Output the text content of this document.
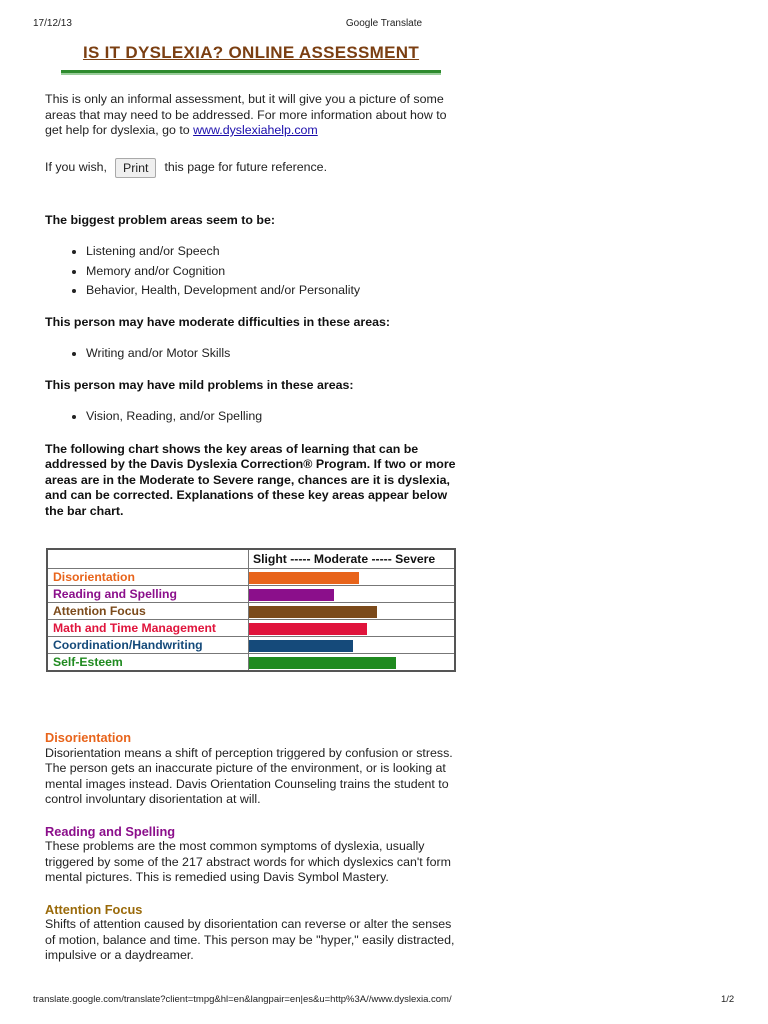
17/12/13	Google Translate
IS IT DYSLEXIA? ONLINE ASSESSMENT

This is only an informal assessment, but it will give you a picture of some areas that may need to be addressed. For more information about how to get help for dyslexia, go to www.dyslexiahelp.com

If you wish,	Print	this page for future reference.
The biggest problem areas seem to be:
• Listening and/or Speech
• Memory and/or Cognition
• Behavior, Health, Development and/or Personality
This person may have moderate difficulties in these areas:
• Writing and/or Motor Skills
This person may have mild problems in these areas:
• Vision, Reading, and/or Spelling
The following chart shows the key areas of learning that can be addressed by the Davis Dyslexia Correction® Program. If two or more areas are in the Moderate to Severe range, chances are it is dyslexia, and can be corrected. Explanations of these key areas appear below the bar chart.
	Slight ----- Moderate ----- Severe
Disorientation	

Reading and Spelling	

Attention Focus	

Math and Time Management	

Coordination/Handwriting	

Self-Esteem	
Disorientation

Disorientation means a shift of perception triggered by confusion or stress. The person gets an inaccurate picture of the environment, or is looking at mental images instead. Davis Orientation Counseling trains the student to control involuntary disorientation at will.

Reading and Spelling

These problems are the most common symptoms of dyslexia, usually triggered by some of the 217 abstract words for which dyslexics can't form mental pictures. This is remedied using Davis Symbol Mastery.

Attention Focus

Shifts of attention caused by disorientation can reverse or alter the senses of motion, balance and time. This person may be "hyper," easily distracted, impulsive or a daydreamer.

translate.google.com/translate?client=tmpg&hl=en&langpair=en|es&u=http%3A//www.dyslexia.com/	1/2
